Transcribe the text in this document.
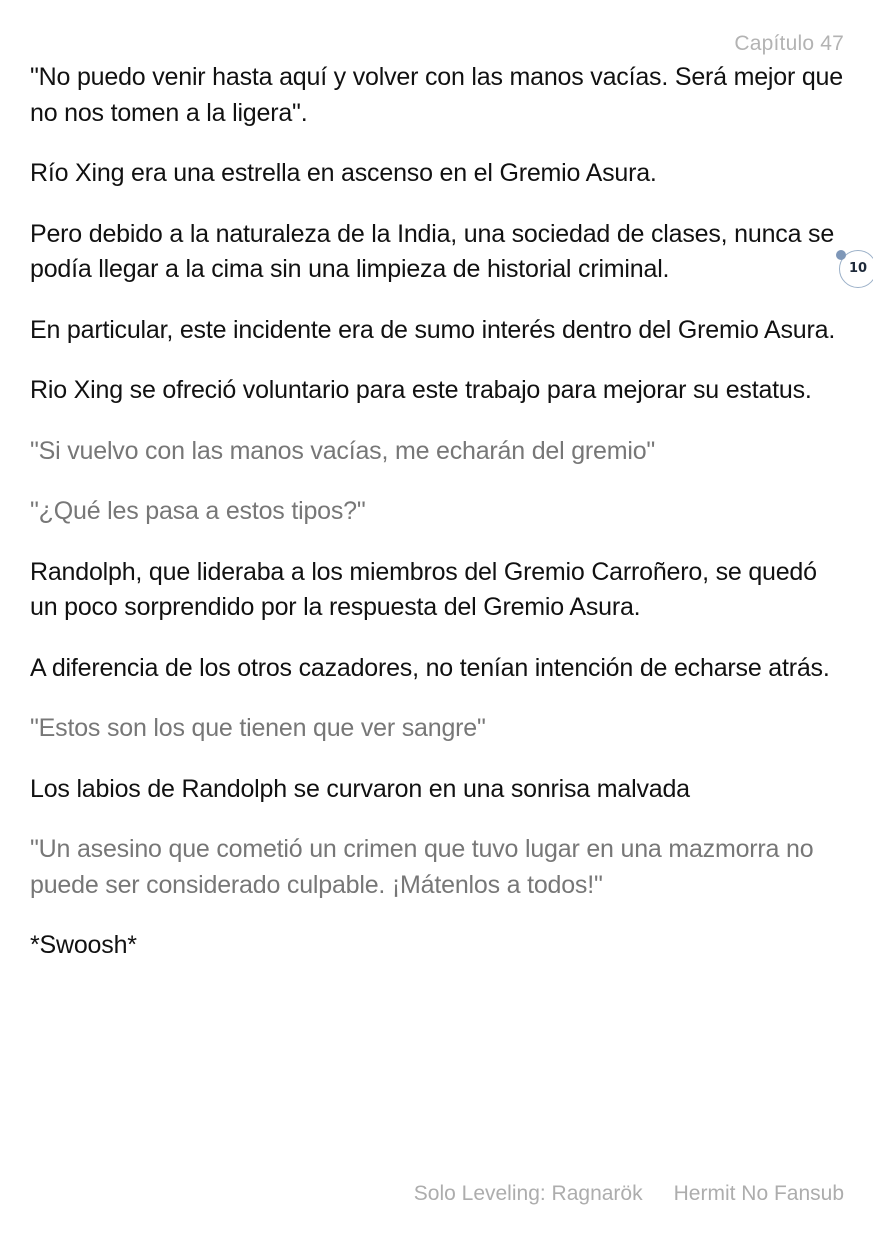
Capítulo 47

"No puedo venir hasta aquí y volver con las manos vacías. Será mejor que no nos tomen a la ligera".

Río Xing era una estrella en ascenso en el Gremio Asura.

Pero debido a la naturaleza de la India, una sociedad de clases, nunca se podía llegar a la cima sin una limpieza de historial criminal.

En particular, este incidente era de sumo interés dentro del Gremio Asura.

Rio Xing se ofreció voluntario para este trabajo para mejorar su estatus.

"Si vuelvo con las manos vacías, me echarán del gremio"

"¿Qué les pasa a estos tipos?"

Randolph, que lideraba a los miembros del Gremio Carroñero, se quedó un poco sorprendido por la respuesta del Gremio Asura.

A diferencia de los otros cazadores, no tenían intención de echarse atrás.

"Estos son los que tienen que ver sangre"

Los labios de Randolph se curvaron en una sonrisa malvada

"Un asesino que cometió un crimen que tuvo lugar en una mazmorra no puede ser considerado culpable. ¡Mátenlos a todos!"

*Swoosh*

10
Solo Leveling: Ragnarök Hermit No Fansub
